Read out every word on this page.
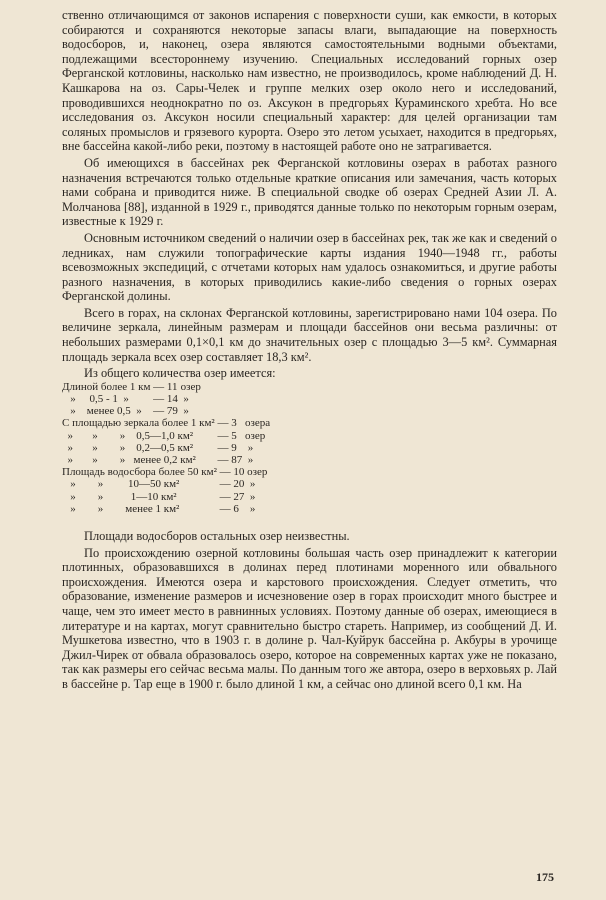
ственно отличающимся от законов испарения с поверхности суши, как емкости, в которых собираются и сохраняются некоторые запасы влаги, выпадающие на поверхность водосборов, и, наконец, озера являются самостоятельными водными объектами, подлежащими всестороннему изучению. Специальных исследований горных озер Ферганской котловины, насколько нам известно, не производилось, кроме наблюдений Д. Н. Кашкарова на оз. Сары-Челек и группе мелких озер около него и исследований, проводившихся неоднократно по оз. Аксукон в предгорьях Кураминского хребта. Но все исследования оз. Аксукон носили специальный характер: для целей организации там соляных промыслов и грязевого курорта. Озеро это летом усыхает, находится в предгорьях, вне бассейна какой-либо реки, поэтому в настоящей работе оно не затрагивается.

Об имеющихся в бассейнах рек Ферганской котловины озерах в работах разного назначения встречаются только отдельные краткие описания или замечания, часть которых нами собрана и приводится ниже. В специальной сводке об озерах Средней Азии Л. А. Молчанова [88], изданной в 1929 г., приводятся данные только по некоторым горным озерам, известные к 1929 г.

Основным источником сведений о наличии озер в бассейнах рек, так же как и сведений о ледниках, нам служили топографические карты издания 1940—1948 гг., работы всевозможных экспедиций, с отчетами которых нам удалось ознакомиться, и другие работы разного назначения, в которых приводились какие-либо сведения о горных озерах Ферганской долины.

Всего в горах, на склонах Ферганской котловины, зарегистрировано нами 104 озера. По величине зеркала, линейным размерам и площади бассейнов они весьма различны: от небольших размерами 0,1×0,1 км до значительных озер с площадью 3—5 км². Суммарная площадь зеркала всех озер составляет 18,3 км².

Из общего количества озер имеется:

Длиной более 1 км	—	11	озер
»     0,5 - 1  »	—	14	»
»    менее 0,5  »	—	79	»
С площадью зеркала более 1 км²	—	3	озера
»       »        »    0,5—1,0 км²	—	5	озер
»       »        »    0,2—0,5 км²	—	9	»
»       »        »   менее 0,2 км²	—	87	»
Площадь водосбора более 50 км²	—	10	озер
»        »         10—50 км²	—	20	»
»        »          1—10 км²	—	27	»
»        »        менее 1 км²	—	6	»

Площади водосборов остальных озер неизвестны.

По происхождению озерной котловины большая часть озер принадлежит к категории плотинных, образовавшихся в долинах перед плотинами моренного или обвального происхождения. Имеются озера и карстового происхождения. Следует отметить, что образование, изменение размеров и исчезновение озер в горах происходит много быстрее и чаще, чем это имеет место в равнинных условиях. Поэтому данные об озерах, имеющиеся в литературе и на картах, могут сравнительно быстро стареть. Например, из сообщений Д. И. Мушкетова известно, что в 1903 г. в долине р. Чал-Куйрук бассейна р. Акбуры в урочище Джил-Чирек от обвала образовалось озеро, которое на современных картах уже не показано, так как размеры его сейчас весьма малы. По данным того же автора, озеро в верховьях р. Лай в бассейне р. Тар еще в 1900 г. было длиной 1 км, а сейчас оно длиной всего 0,1 км. На

175
